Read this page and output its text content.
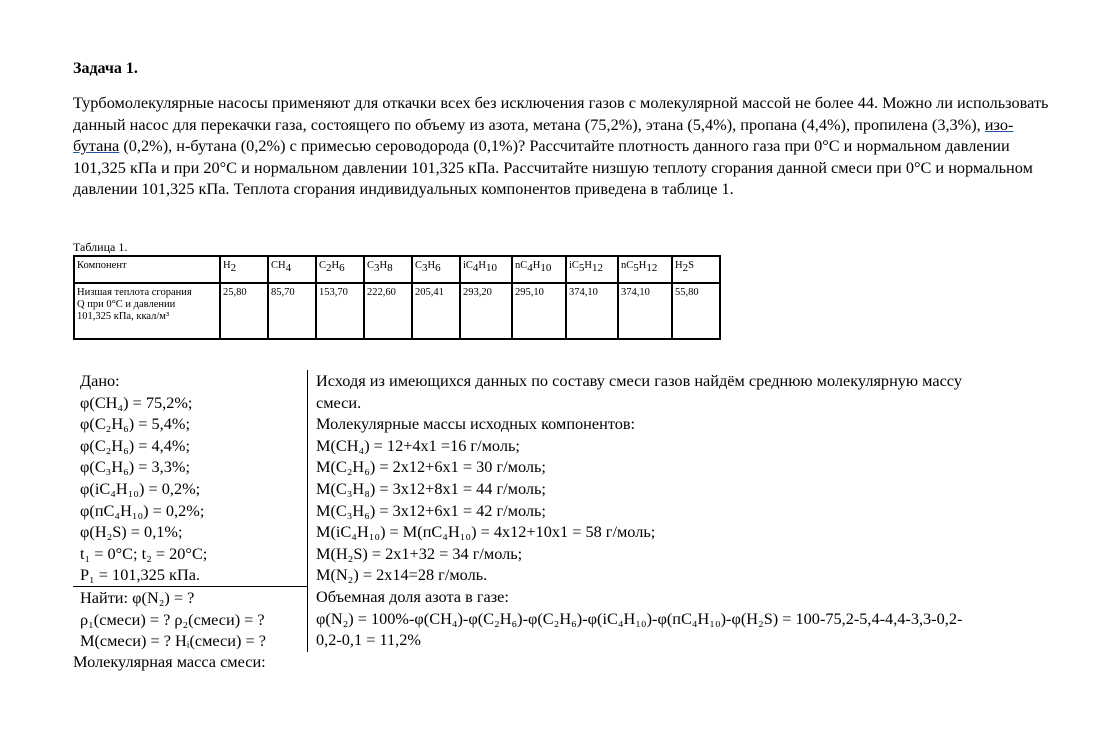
Задача 1.
Турбомолекулярные насосы применяют для откачки всех без исключения газов с молекулярной массой не более 44. Можно ли использовать данный насос для перекачки газа, состоящего по объему из азота, метана (75,2%), этана (5,4%), пропана (4,4%), пропилена (3,3%), изо-бутана (0,2%), н-бутана (0,2%) с примесью сероводорода (0,1%)? Рассчитайте плотность данного газа при 0°С и нормальном давлении 101,325 кПа и при 20°С и нормальном давлении 101,325 кПа. Рассчитайте низшую теплоту сгорания данной смеси при 0°С и нормальном давлении 101,325 кПа. Теплота сгорания индивидуальных компонентов приведена в таблице 1.
Таблица 1.
Компонент	$H_2$	$CH_4$	$C_2H_6$	$C_3H_8$	$C_3H_6$	$iC_4H_{10}$	$nC_4H_{10}$	$iC_5H_{12}$	$nC_5H_{12}$	$H_2S$

Низшая теплота сгорания
Q при 0°С и давлении
101,325 кПа, ккал/м³	25,80	85,70	153,70	222,60	205,41	293,20	295,10	374,10	374,10	55,80
Дано:
φ(CH₄) = 75,2%;
φ(C₂H₆) = 5,4%;
φ(C₂H₆) = 4,4%;
φ(C₃H₆) = 3,3%;
φ(iC₄H₁₀) = 0,2%;
φ(пC₄H₁₀) = 0,2%;
φ(H₂S) = 0,1%;
t₁ = 0°C; t₂ = 20°C;
P₁ = 101,325 кПа.
Найти: φ(N₂) = ?
ρ₁(смеси) = ? ρ₂(смеси) = ?
M(смеси) = ? Hᵢ(смеси) = ?
Молекулярная масса смеси:
Исходя из имеющихся данных по составу смеси газов найдём среднюю молекулярную массу
смеси.
Молекулярные массы исходных компонентов:
M(CH₄) = 12+4x1 =16 г/моль;
M(C₂H₆) = 2x12+6x1 = 30 г/моль;
M(C₃H₈) = 3x12+8x1 = 44 г/моль;
M(C₃H₆) = 3x12+6x1 = 42 г/моль;
M(iC₄H₁₀) = M(пC₄H₁₀) = 4x12+10x1 = 58 г/моль;
M(H₂S) = 2x1+32 = 34 г/моль;
M(N₂) = 2x14=28 г/моль.
Объемная доля азота в газе:
φ(N₂) = 100%-φ(CH₄)-φ(C₂H₆)-φ(C₂H₆)-φ(iC₄H₁₀)-φ(пC₄H₁₀)-φ(H₂S) = 100-75,2-5,4-4,4-3,3-0,2-
0,2-0,1 = 11,2%
